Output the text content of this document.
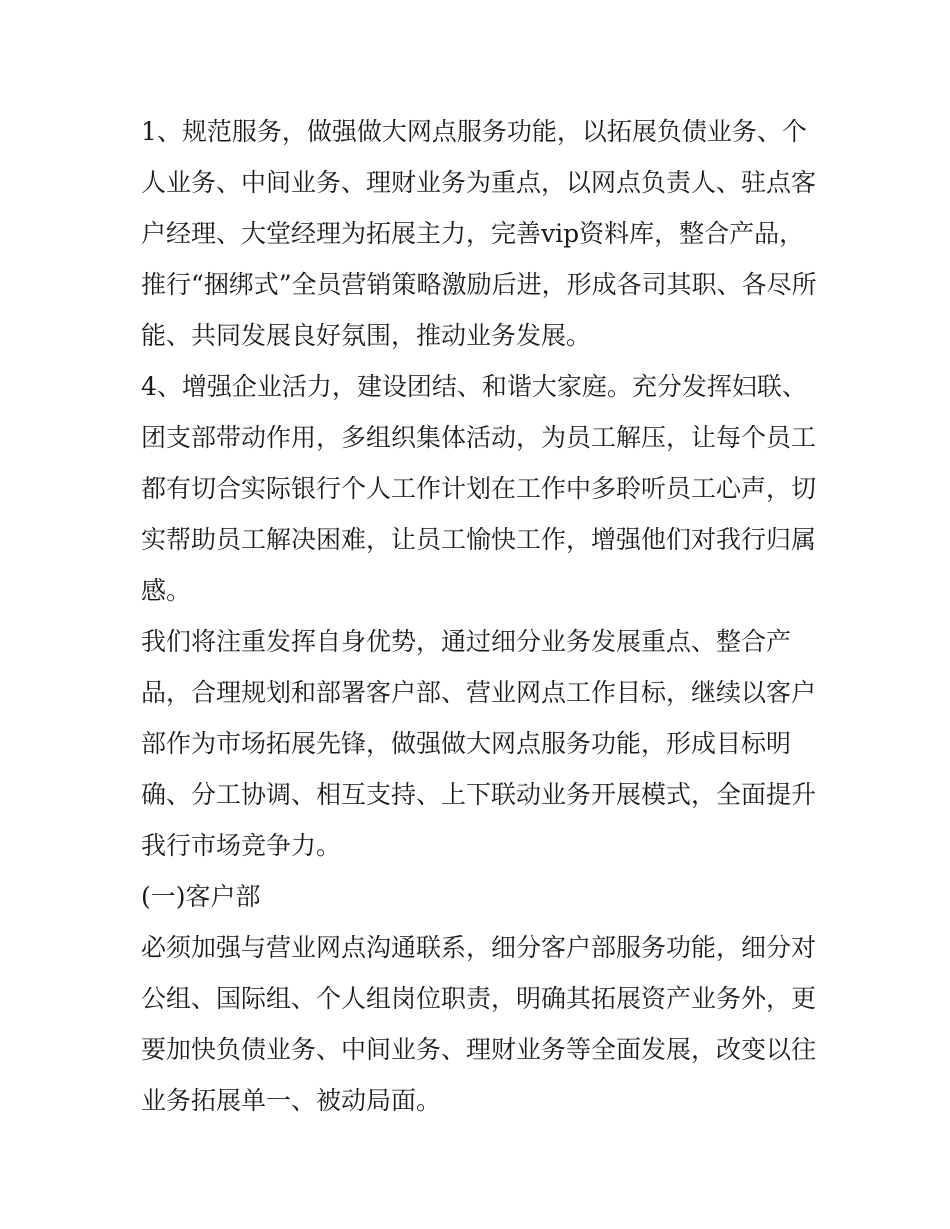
1、规范服务，做强做大网点服务功能，以拓展负债业务、个
人业务、中间业务、理财业务为重点，以网点负责人、驻点客
户经理、大堂经理为拓展主力，完善vip资料库，整合产品，
推行“捆绑式”全员营销策略激励后进，形成各司其职、各尽所
能、共同发展良好氛围，推动业务发展。
4、增强企业活力，建设团结、和谐大家庭。充分发挥妇联、
团支部带动作用，多组织集体活动，为员工解压，让每个员工
都有切合实际银行个人工作计划在工作中多聆听员工心声，切
实帮助员工解决困难，让员工愉快工作，增强他们对我行归属
感。
我们将注重发挥自身优势，通过细分业务发展重点、整合产
品，合理规划和部署客户部、营业网点工作目标，继续以客户
部作为市场拓展先锋，做强做大网点服务功能，形成目标明
确、分工协调、相互支持、上下联动业务开展模式，全面提升
我行市场竞争力。
(一)客户部
必须加强与营业网点沟通联系，细分客户部服务功能，细分对
公组、国际组、个人组岗位职责，明确其拓展资产业务外，更
要加快负债业务、中间业务、理财业务等全面发展，改变以往
业务拓展单一、被动局面。
